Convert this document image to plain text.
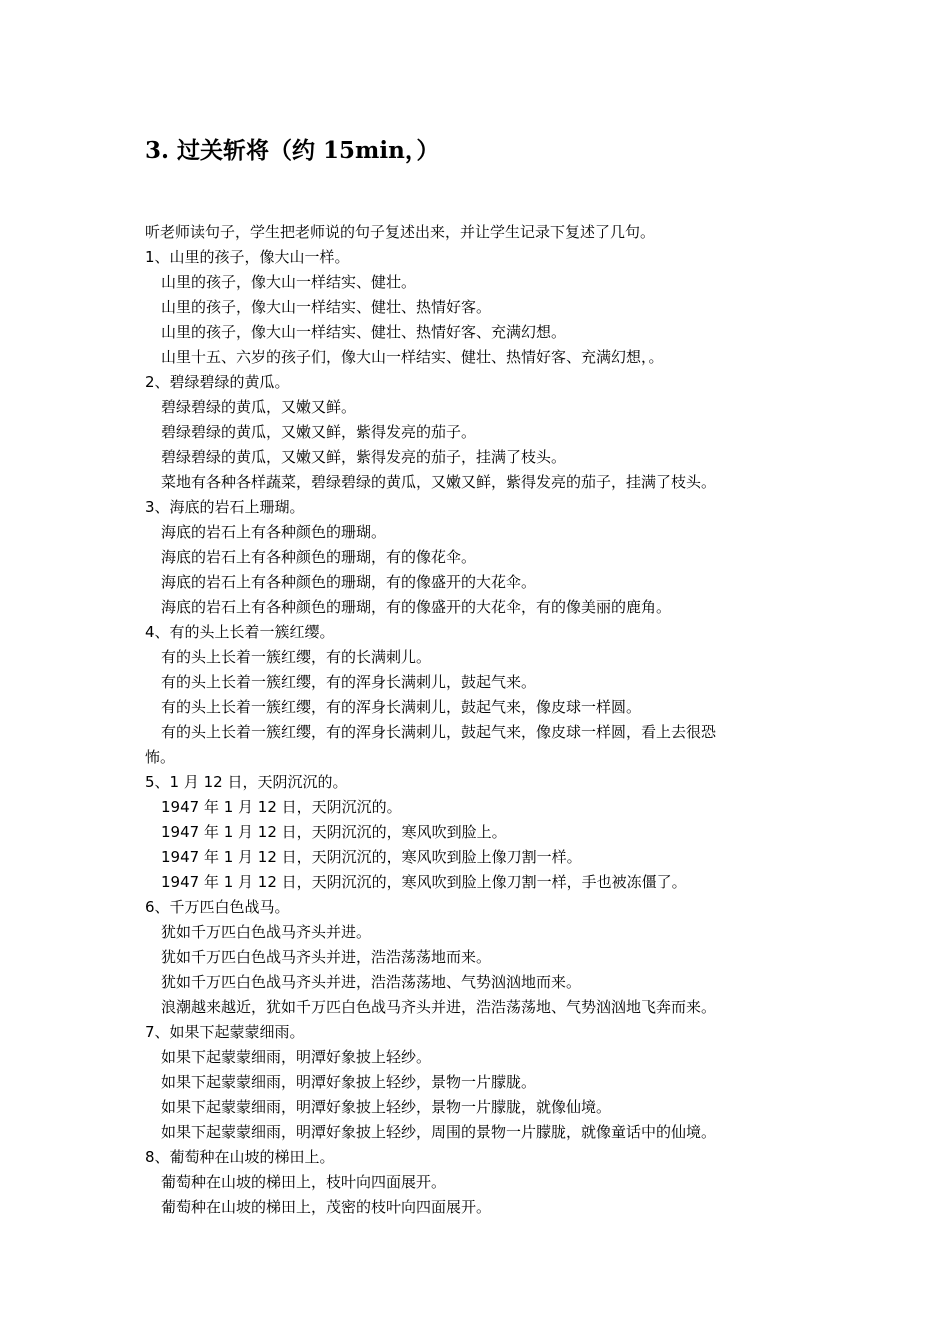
3. 过关斩将（约 15min，）
听老师读句子，学生把老师说的句子复述出来，并让学生记录下复述了几句。
1、山里的孩子，像大山一样。
山里的孩子，像大山一样结实、健壮。
山里的孩子，像大山一样结实、健壮、热情好客。
山里的孩子，像大山一样结实、健壮、热情好客、充满幻想。
山里十五、六岁的孩子们，像大山一样结实、健壮、热情好客、充满幻想，。
2、碧绿碧绿的黄瓜。
碧绿碧绿的黄瓜，又嫩又鲜。
碧绿碧绿的黄瓜，又嫩又鲜，紫得发亮的茄子。
碧绿碧绿的黄瓜，又嫩又鲜，紫得发亮的茄子，挂满了枝头。
菜地有各种各样蔬菜，碧绿碧绿的黄瓜，又嫩又鲜，紫得发亮的茄子，挂满了枝头。
3、海底的岩石上珊瑚。
海底的岩石上有各种颜色的珊瑚。
海底的岩石上有各种颜色的珊瑚，有的像花伞。
海底的岩石上有各种颜色的珊瑚，有的像盛开的大花伞。
海底的岩石上有各种颜色的珊瑚，有的像盛开的大花伞，有的像美丽的鹿角。
4、有的头上长着一簇红缨。
有的头上长着一簇红缨，有的长满刺儿。
有的头上长着一簇红缨，有的浑身长满刺儿，鼓起气来。
有的头上长着一簇红缨，有的浑身长满刺儿，鼓起气来，像皮球一样圆。
有的头上长着一簇红缨，有的浑身长满刺儿，鼓起气来，像皮球一样圆，看上去很恐
怖。
5、1 月 12 日，天阴沉沉的。
1947 年 1 月 12 日，天阴沉沉的。
1947 年 1 月 12 日，天阴沉沉的，寒风吹到脸上。
1947 年 1 月 12 日，天阴沉沉的，寒风吹到脸上像刀割一样。
1947 年 1 月 12 日，天阴沉沉的，寒风吹到脸上像刀割一样，手也被冻僵了。
6、千万匹白色战马。
犹如千万匹白色战马齐头并进。
犹如千万匹白色战马齐头并进，浩浩荡荡地而来。
犹如千万匹白色战马齐头并进，浩浩荡荡地、气势汹汹地而来。
浪潮越来越近，犹如千万匹白色战马齐头并进，浩浩荡荡地、气势汹汹地飞奔而来。
7、如果下起蒙蒙细雨。
如果下起蒙蒙细雨，明潭好象披上轻纱。
如果下起蒙蒙细雨，明潭好象披上轻纱，景物一片朦胧。
如果下起蒙蒙细雨，明潭好象披上轻纱，景物一片朦胧，就像仙境。
如果下起蒙蒙细雨，明潭好象披上轻纱，周围的景物一片朦胧，就像童话中的仙境。
8、葡萄种在山坡的梯田上。
葡萄种在山坡的梯田上，枝叶向四面展开。
葡萄种在山坡的梯田上，茂密的枝叶向四面展开。
